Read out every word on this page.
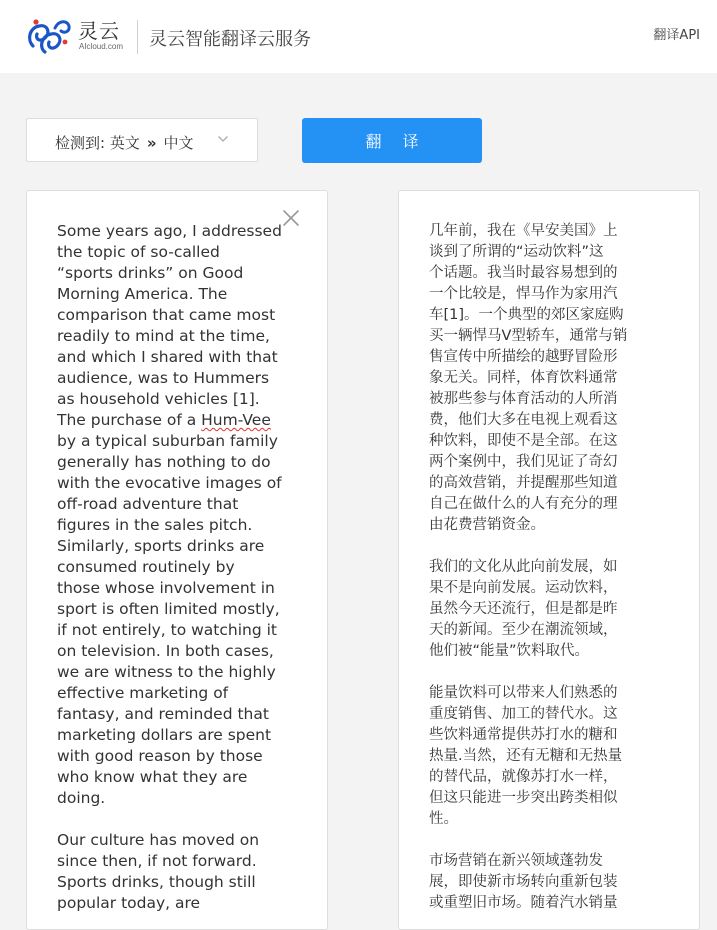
灵云
AIcloud.com 灵云智能翻译云服务	翻译API
检测到: 英文 » 中文	翻 译

Some years ago, I addressed
the topic of so-called
“sports drinks” on Good
Morning America. The
comparison that came most
readily to mind at the time,
and which I shared with that
audience, was to Hummers
as household vehicles [1].
The purchase of a Hum-Vee
by a typical suburban family
generally has nothing to do
with the evocative images of
off-road adventure that
figures in the sales pitch.
Similarly, sports drinks are
consumed routinely by
those whose involvement in
sport is often limited mostly,
if not entirely, to watching it
on television. In both cases,
we are witness to the highly
effective marketing of
fantasy, and reminded that
marketing dollars are spent
with good reason by those
who know what they are
doing.

Our culture has moved on
since then, if not forward.
Sports drinks, though still
popular today, are

几年前，我在《早安美国》上
谈到了所谓的“运动饮料”这
个话题。我当时最容易想到的
一个比较是，悍马作为家用汽
车[1]。一个典型的郊区家庭购
买一辆悍马V型轿车，通常与销
售宣传中所描绘的越野冒险形
象无关。同样，体育饮料通常
被那些参与体育活动的人所消
费，他们大多在电视上观看这
种饮料，即使不是全部。在这
两个案例中，我们见证了奇幻
的高效营销，并提醒那些知道
自己在做什么的人有充分的理
由花费营销资金。

我们的文化从此向前发展，如
果不是向前发展。运动饮料，
虽然今天还流行，但是都是昨
天的新闻。至少在潮流领域，
他们被“能量”饮料取代。

能量饮料可以带来人们熟悉的
重度销售、加工的替代水。这
些饮料通常提供苏打水的糖和
热量.当然，还有无糖和无热量
的替代品，就像苏打水一样，
但这只能进一步突出跨类相似
性。

市场营销在新兴领域蓬勃发
展，即使新市场转向重新包装
或重塑旧市场。随着汽水销量
